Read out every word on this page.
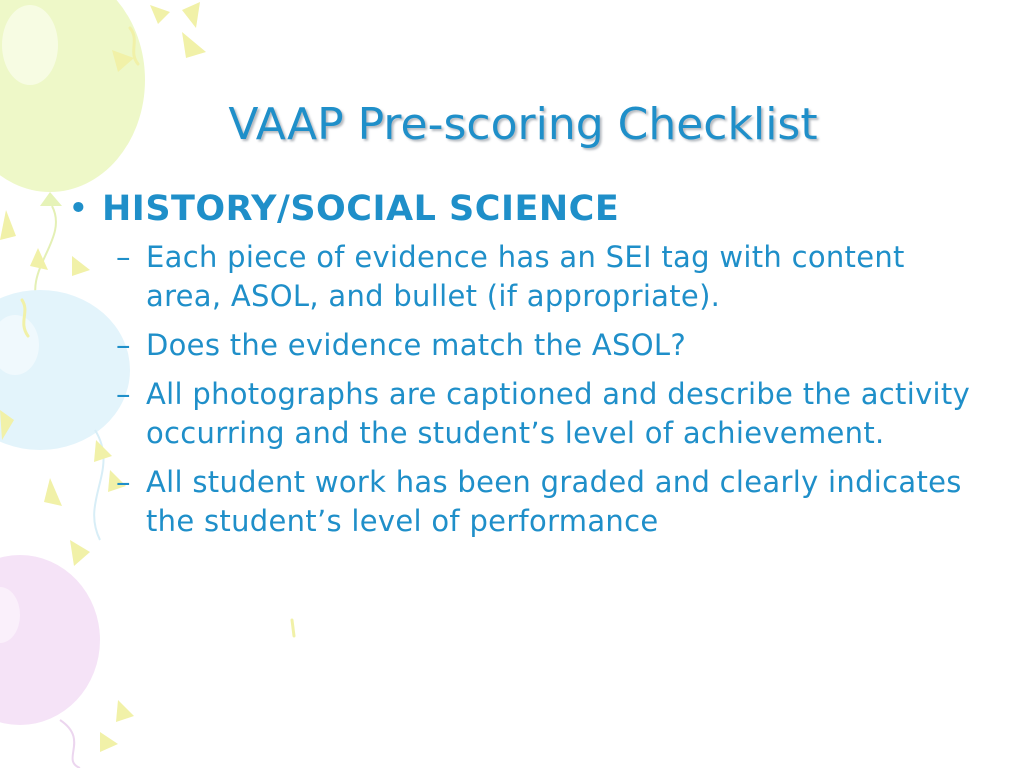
VAAP Pre-scoring Checklist
• HISTORY/SOCIAL SCIENCE
– Each piece of evidence has an SEI tag with content area, ASOL, and bullet (if appropriate).
– Does the evidence match the ASOL?
– All photographs are captioned and describe the activity occurring and the student’s level of achievement.
– All student work has been graded and clearly indicates the student’s level of performance
